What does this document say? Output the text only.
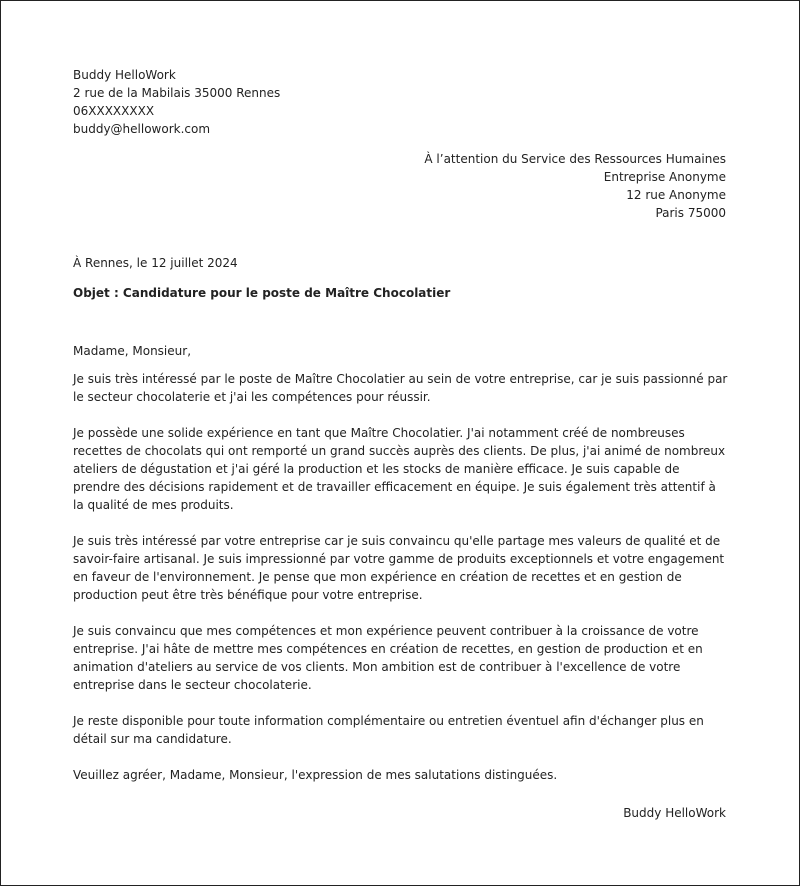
Buddy HelloWork
2 rue de la Mabilais 35000 Rennes
06XXXXXXXX
buddy@hellowork.com
À l’attention du Service des Ressources Humaines
Entreprise Anonyme
12 rue Anonyme
Paris 75000
À Rennes, le 12 juillet 2024
Objet : Candidature pour le poste de Maître Chocolatier

Madame, Monsieur,

Je suis très intéressé par le poste de Maître Chocolatier au sein de votre entreprise, car je suis passionné par le secteur chocolaterie et j'ai les compétences pour réussir.

Je possède une solide expérience en tant que Maître Chocolatier. J'ai notamment créé de nombreuses recettes de chocolats qui ont remporté un grand succès auprès des clients. De plus, j'ai animé de nombreux ateliers de dégustation et j'ai géré la production et les stocks de manière efficace. Je suis capable de prendre des décisions rapidement et de travailler efficacement en équipe. Je suis également très attentif à la qualité de mes produits.

Je suis très intéressé par votre entreprise car je suis convaincu qu'elle partage mes valeurs de qualité et de savoir-faire artisanal. Je suis impressionné par votre gamme de produits exceptionnels et votre engagement en faveur de l'environnement. Je pense que mon expérience en création de recettes et en gestion de production peut être très bénéfique pour votre entreprise.

Je suis convaincu que mes compétences et mon expérience peuvent contribuer à la croissance de votre entreprise. J'ai hâte de mettre mes compétences en création de recettes, en gestion de production et en animation d'ateliers au service de vos clients. Mon ambition est de contribuer à l'excellence de votre entreprise dans le secteur chocolaterie.

Je reste disponible pour toute information complémentaire ou entretien éventuel afin d'échanger plus en détail sur ma candidature.

Veuillez agréer, Madame, Monsieur, l'expression de mes salutations distinguées.

Buddy HelloWork
